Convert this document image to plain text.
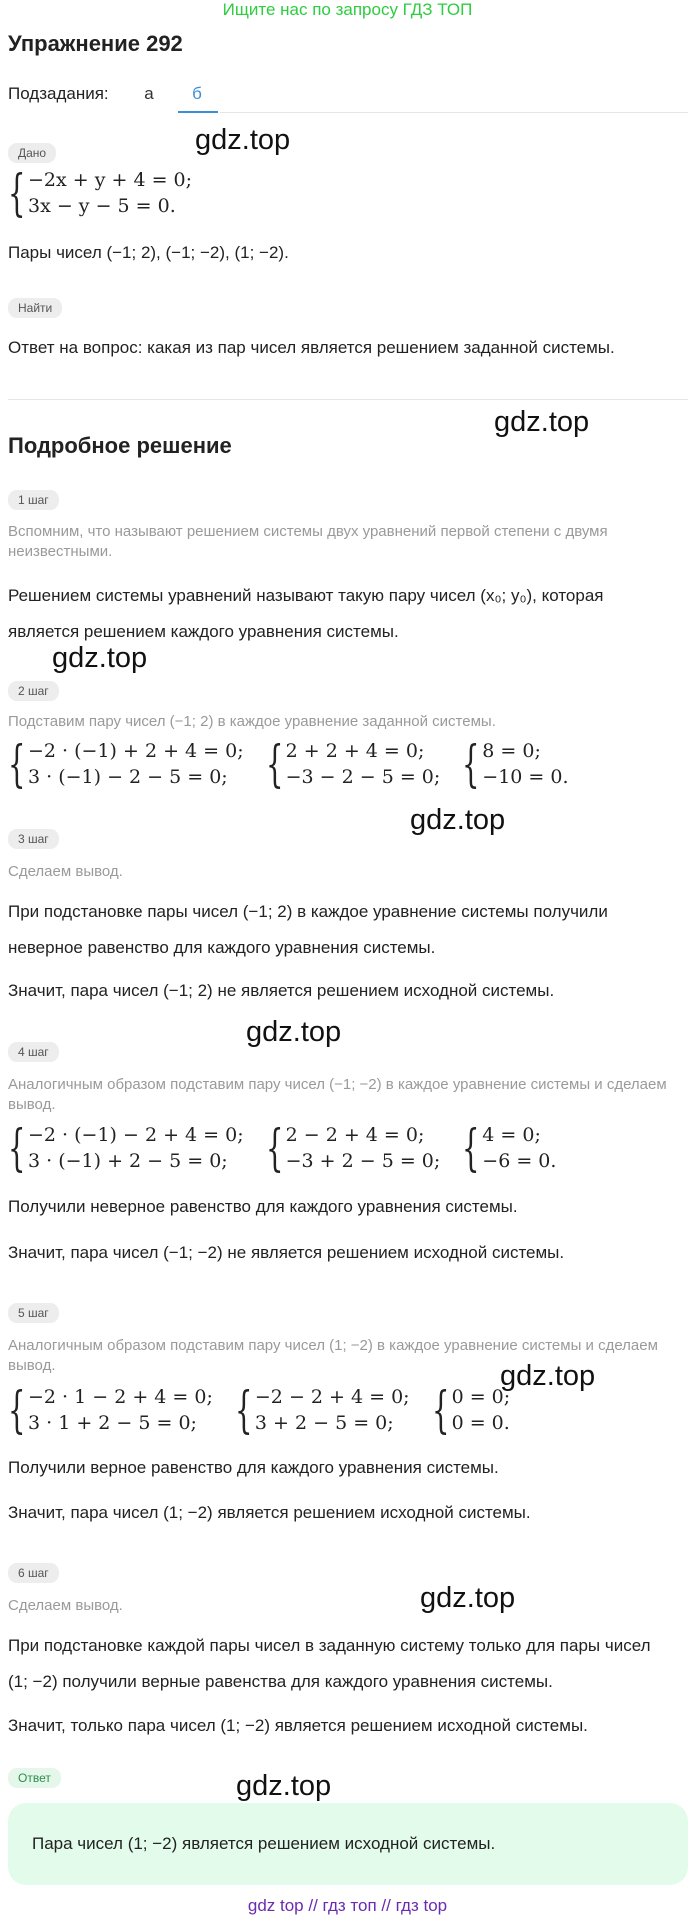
Ищите нас по запросу ГДЗ ТОП
Упражнение 292
Подзадания:	а	б
Дано	gdz.top
{ −2x + y + 4 = 0;
3x − y − 5 = 0.
Пары чисел (−1; 2), (−1; −2), (1; −2).
Найти
Ответ на вопрос: какая из пар чисел является решением заданной системы.
gdz.top
Подробное решение
1 шаг
Вспомним, что называют решением системы двух уравнений первой степени с двумя неизвестными.
Решением системы уравнений называют такую пару чисел (x₀; y₀), которая является решением каждого уравнения системы.
gdz.top
2 шаг
Подставим пару чисел (−1; 2) в каждое уравнение заданной системы.
{ −2 · (−1) + 2 + 4 = 0;
3 · (−1) − 2 − 5 = 0; { 2 + 2 + 4 = 0;
−3 − 2 − 5 = 0; { 8 = 0;
−10 = 0.
gdz.top
3 шаг
Сделаем вывод.
При подстановке пары чисел (−1; 2) в каждое уравнение системы получили неверное равенство для каждого уравнения системы.
Значит, пара чисел (−1; 2) не является решением исходной системы.
gdz.top
4 шаг
Аналогичным образом подставим пару чисел (−1; −2) в каждое уравнение системы и сделаем вывод.
{ −2 · (−1) − 2 + 4 = 0;
3 · (−1) + 2 − 5 = 0; { 2 − 2 + 4 = 0;
−3 + 2 − 5 = 0; { 4 = 0;
−6 = 0.
Получили неверное равенство для каждого уравнения системы.
Значит, пара чисел (−1; −2) не является решением исходной системы.
5 шаг
Аналогичным образом подставим пару чисел (1; −2) в каждое уравнение системы и сделаем вывод.	gdz.top
{ −2 · 1 − 2 + 4 = 0;
3 · 1 + 2 − 5 = 0; { −2 − 2 + 4 = 0;
3 + 2 − 5 = 0; { 0 = 0;
0 = 0.
Получили верное равенство для каждого уравнения системы.
Значит, пара чисел (1; −2) является решением исходной системы.
6 шаг
gdz.top
Сделаем вывод.
При подстановке каждой пары чисел в заданную систему только для пары чисел (1; −2) получили верные равенства для каждого уравнения системы.
Значит, только пара чисел (1; −2) является решением исходной системы.
Ответ	gdz.top
Пара чисел (1; −2) является решением исходной системы.
gdz top // гдз топ // гдз top
